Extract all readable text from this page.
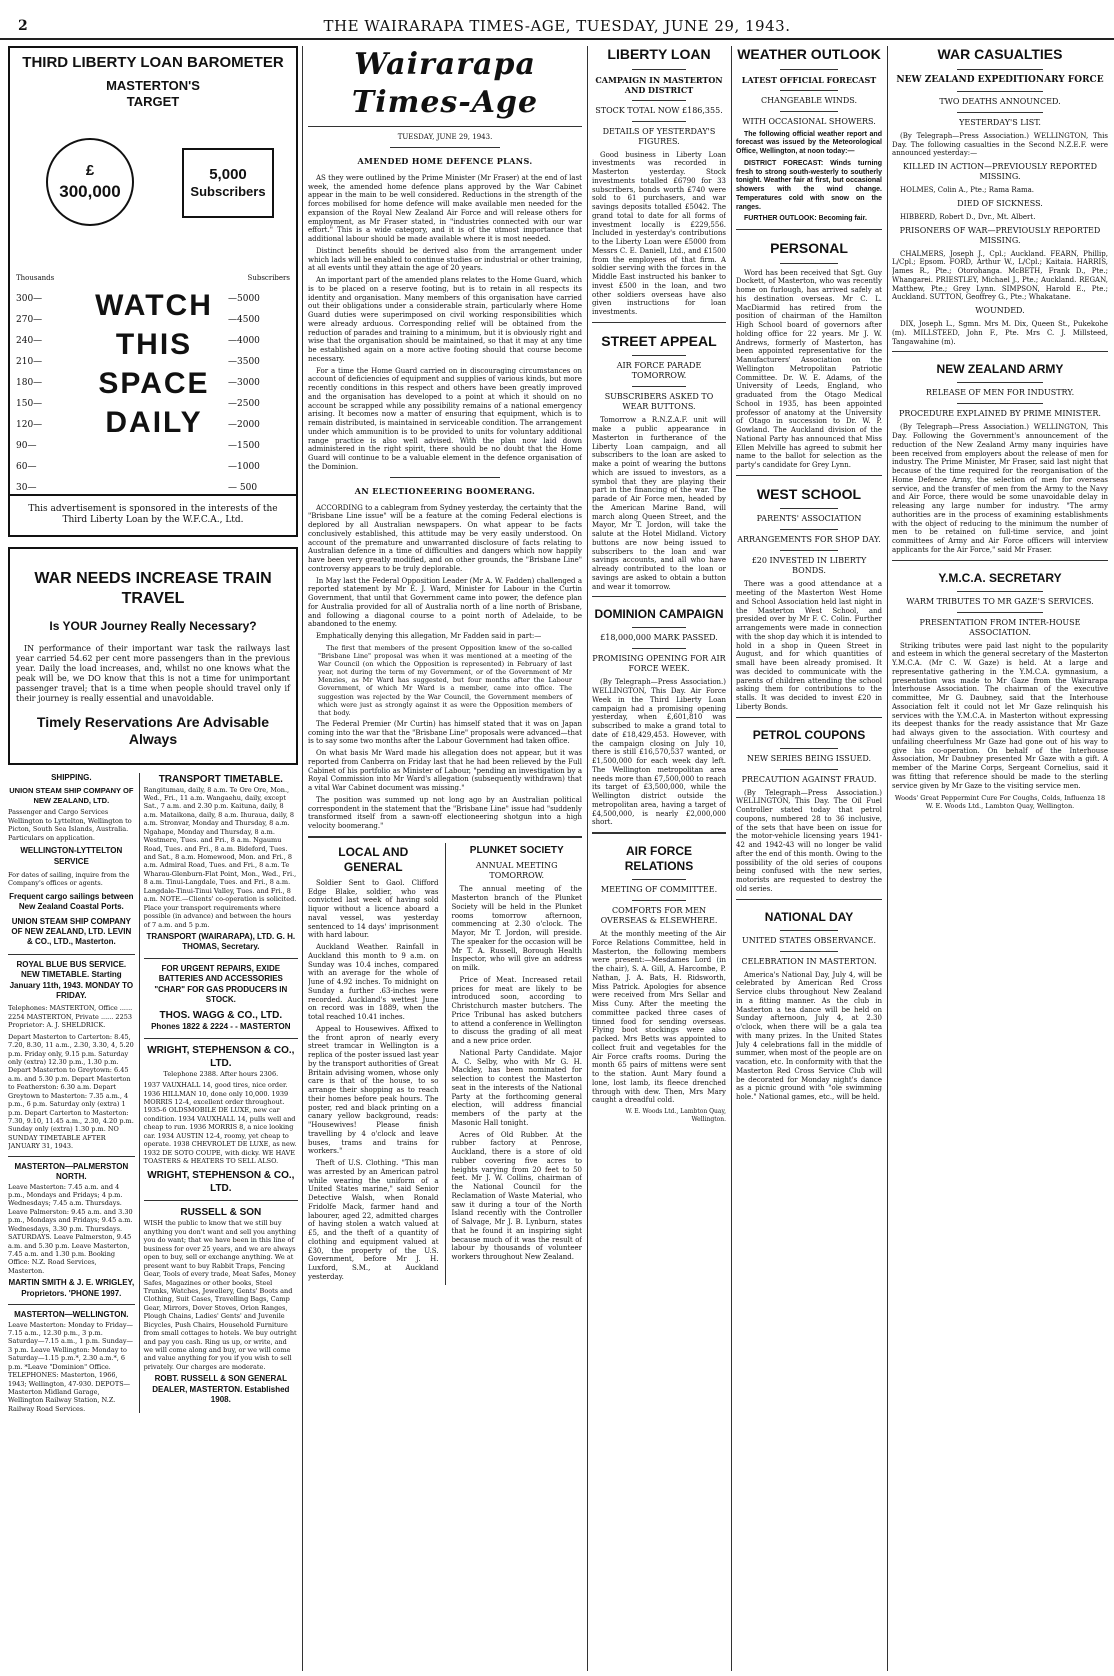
2	THE WAIRARAPA TIMES-AGE, TUESDAY, JUNE 29, 1943.
THIRD LIBERTY LOAN BAROMETER
MASTERTON'S
TARGET
£
300,000
5,000
Subscribers
Thousands	Subscribers
300—
270—
240—
210—
180—
150—
120—
90—
60—
30—
—5000
—4500
—4000
—3500
—3000
—2500
—2000
—1500
—1000
— 500
WATCH
THIS
SPACE
DAILY
This advertisement is sponsored in the interests of the Third Liberty Loan by the W.F.C.A., Ltd.
WAR NEEDS INCREASE TRAIN TRAVEL
Is YOUR Journey Really Necessary?

IN performance of their important war task the railways last year carried 54.62 per cent more passengers than in the previous year. Daily the load increases, and, whilst no one knows what the peak will be, we DO know that this is not a time for unimportant passenger travel; that is a time when people should travel only if their journey is really essential and unavoidable.

Timely Reservations Are Advisable Always
SHIPPING.
UNION STEAM SHIP COMPANY OF NEW ZEALAND, LTD.
Passenger and Cargo Services Wellington to Lyttelton, Wellington to Picton, South Sea Islands, Australia. Particulars on application.
WELLINGTON-LYTTELTON SERVICE
For dates of sailing, inquire from the Company's offices or agents.
Frequent cargo sailings between New Zealand Coastal Ports.
UNION STEAM SHIP COMPANY OF NEW ZEALAND, LTD. LEVIN & CO., LTD., Masterton.
ROYAL BLUE BUS SERVICE. NEW TIMETABLE. Starting January 11th, 1943. MONDAY TO FRIDAY.
Telephones: MASTERTON, Office ...... 2254 MASTERTON, Private ...... 2253 Proprietor: A. J. SHELDRICK.
Depart Masterton to Carterton: 8.45, 7.20, 8.30, 11 a.m., 2.30, 3.30, 4, 5.20 p.m. Friday only, 9.15 p.m. Saturday only (extra) 12.30 p.m., 1.30 p.m. Depart Masterton to Greytown: 6.45 a.m. and 5.30 p.m. Depart Masterton to Featherston: 6.30 a.m. Depart Greytown to Masterton: 7.35 a.m., 4 p.m., 6 p.m. Saturday only (extra) 1 p.m. Depart Carterton to Masterton: 7.30, 9.10, 11.45 a.m., 2.30, 4.20 p.m. Sunday only (extra) 1.30 p.m. NO SUNDAY TIMETABLE AFTER JANUARY 31, 1943.
MASTERTON—PALMERSTON NORTH.
Leave Masterton: 7.45 a.m. and 4 p.m., Mondays and Fridays; 4 p.m. Wednesdays; 7.45 a.m. Thursdays. Leave Palmerston: 9.45 a.m. and 3.30 p.m., Mondays and Fridays; 9.45 a.m. Wednesdays, 3.30 p.m. Thursdays. SATURDAYS. Leave Palmerston, 9.45 a.m. and 5.30 p.m. Leave Masterton, 7.45 a.m. and 1.30 p.m. Booking Office: N.Z. Road Services, Masterton.
MARTIN SMITH & J. E. WRIGLEY, Proprietors. 'PHONE 1997.
MASTERTON—WELLINGTON.
Leave Masterton: Monday to Friday—7.15 a.m., 12.30 p.m., 3 p.m. Saturday—7.15 a.m., 1 p.m. Sunday—3 p.m. Leave Wellington: Monday to Saturday—1.15 p.m.*, 2.30 a.m.*, 6 p.m. *Leave "Dominion" Office. TELEPHONES: Masterton, 1966, 1943; Wellington, 47-930. DEPOTS—Masterton Midland Garage, Wellington Railway Station, N.Z. Railway Road Services.
TRANSPORT TIMETABLE.
Rangitumau, daily, 8 a.m. Te Ore Ore, Mon., Wed., Fri., 11 a.m. Wangaehu, daily, except Sat., 7 a.m. and 2.30 p.m. Kaituna, daily, 8 a.m. Mataikona, daily, 8 a.m. Ihuraua, daily, 8 a.m. Stronvar, Monday and Thursday, 8 a.m. Ngahape, Monday and Thursday, 8 a.m. Westmere, Tues. and Fri., 8 a.m. Ngaumu Road, Tues. and Fri., 8 a.m. Bideford, Tues. and Sat., 8 a.m. Homewood, Mon. and Fri., 8 a.m. Admiral Road, Tues. and Fri., 8 a.m. Te Wharau-Glenburn-Flat Point, Mon., Wed., Fri., 8 a.m. Tinui-Langdale, Tues. and Fri., 8 a.m. Langdale-Tinui-Tinui Valley, Tues. and Fri., 8 a.m. NOTE.—Clients' co-operation is solicited. Place your transport requirements where possible (in advance) and between the hours of 7 a.m. and 5 p.m.
TRANSPORT (WAIRARAPA), LTD. G. H. THOMAS, Secretary.
FOR URGENT REPAIRS, EXIDE BATTERIES AND ACCESSORIES "CHAR" FOR GAS PRODUCERS IN STOCK.
THOS. WAGG & CO., LTD.
Phones 1822 & 2224 - - MASTERTON
WRIGHT, STEPHENSON & CO., LTD.
Telephone 2388. After hours 2306.
1937 VAUXHALL 14, good tires, nice order. 1936 HILLMAN 10, done only 10,000. 1939 MORRIS 12-4, excellent order throughout. 1935-6 OLDSMOBILE DE LUXE, new car condition. 1934 VAUXHALL 14, pulls well and cheap to run. 1936 MORRIS 8, a nice looking car. 1934 AUSTIN 12-4, roomy, yet cheap to operate. 1938 CHEVROLET DE LUXE, as new. 1932 DE SOTO COUPE, with dicky. WE HAVE TOASTERS & HEATERS TO SELL ALSO.
WRIGHT, STEPHENSON & CO., LTD.
RUSSELL & SON
WISH the public to know that we still buy anything you don't want and sell you anything you do want; that we have been in this line of business for over 25 years, and we are always open to buy, sell or exchange anything. We at present want to buy Rabbit Traps, Fencing Gear, Tools of every trade, Meat Safes, Money Safes, Magazines or other books, Steel Trunks, Watches, Jewellery, Gents' Boots and Clothing, Suit Cases, Travelling Bags, Camp Gear, Mirrors, Dover Stoves, Orion Ranges, Plough Chains, Ladies' Gents' and Juvenile Bicycles, Push Chairs, Household Furniture from small cottages to hotels. We buy outright and pay you cash. Ring us up, or write, and we will come along and buy, or we will come and value anything for you if you wish to sell privately. Our charges are moderate.
ROBT. RUSSELL & SON GENERAL DEALER, MASTERTON. Established 1908.
Wairarapa Times-Age
TUESDAY, JUNE 29, 1943.
AMENDED HOME DEFENCE PLANS.

AS they were outlined by the Prime Minister (Mr Fraser) at the end of last week, the amended home defence plans approved by the War Cabinet appear in the main to be well considered. Reductions in the strength of the forces mobilised for home defence will make available men needed for the expansion of the Royal New Zealand Air Force and will release others for employment, as Mr Fraser stated, in "industries connected with our war effort." This is a wide category, and it is of the utmost importance that additional labour should be made available where it is most needed.

Distinct benefits should be derived also from the arrangement under which lads will be enabled to continue studies or industrial or other training, at all events until they attain the age of 20 years.

An important part of the amended plans relates to the Home Guard, which is to be placed on a reserve footing, but is to retain in all respects its identity and organisation. Many members of this organisation have carried out their obligations under a considerable strain, particularly where Home Guard duties were superimposed on civil working responsibilities which were already arduous. Corresponding relief will be obtained from the reduction of parades and training to a minimum, but it is obviously right and wise that the organisation should be maintained, so that it may at any time be established again on a more active footing should that course become necessary.

For a time the Home Guard carried on in discouraging circumstances on account of deficiencies of equipment and supplies of various kinds, but more recently conditions in this respect and others have been greatly improved and the organisation has developed to a point at which it should on no account be scrapped while any possibility remains of a national emergency arising. It becomes now a matter of ensuring that equipment, which is to remain distributed, is maintained in serviceable condition. The arrangement under which ammunition is to be provided to units for voluntary additional range practice is also well advised. With the plan now laid down administered in the right spirit, there should be no doubt that the Home Guard will continue to be a valuable element in the defence organisation of the Dominion.

AN ELECTIONEERING BOOMERANG.

ACCORDING to a cablegram from Sydney yesterday, the certainty that the "Brisbane Line issue" will be a feature at the coming Federal elections is deplored by all Australian newspapers. On what appear to be facts conclusively established, this attitude may be very easily understood. On account of the premature and unwarranted disclosure of facts relating to Australian defence in a time of difficulties and dangers which now happily have been very greatly modified, and on other grounds, the "Brisbane Line" controversy appears to be truly deplorable.

In May last the Federal Opposition Leader (Mr A. W. Fadden) challenged a reported statement by Mr E. J. Ward, Minister for Labour in the Curtin Government, that until that Government came into power, the defence plan for Australia provided for all of Australia north of a line north of Brisbane, and following a diagonal course to a point north of Adelaide, to be abandoned to the enemy.

Emphatically denying this allegation, Mr Fadden said in part:—

The first that members of the present Opposition knew of the so-called "Brisbane Line" proposal was when it was mentioned at a meeting of the War Council (on which the Opposition is represented) in February of last year, not during the term of my Government, or of the Government of Mr Menzies, as Mr Ward has suggested, but four months after the Labour Government, of which Mr Ward is a member, came into office. The suggestion was rejected by the War Council, the Government members of which were just as strongly against it as were the Opposition members of that body.

The Federal Premier (Mr Curtin) has himself stated that it was on Japan coming into the war that the "Brisbane Line" proposals were advanced—that is to say some two months after the Labour Government had taken office.

On what basis Mr Ward made his allegation does not appear, but it was reported from Canberra on Friday last that he had been relieved by the Full Cabinet of his portfolio as Minister of Labour, "pending an investigation by a Royal Commission into Mr Ward's allegation (subsequently withdrawn) that a vital War Cabinet document was missing."

The position was summed up not long ago by an Australian political correspondent in the statement that the "Brisbane Line" issue had "suddenly transformed itself from a sawn-off electioneering shotgun into a high velocity boomerang."

LOCAL AND GENERAL

Soldier Sent to Gaol. Clifford Edge Blake, soldier, who was convicted last week of having sold liquor without a licence aboard a naval vessel, was yesterday sentenced to 14 days' imprisonment with hard labour.

Auckland Weather. Rainfall in Auckland this month to 9 a.m. on Sunday was 10.4 inches, compared with an average for the whole of June of 4.92 inches. To midnight on Sunday a further .63-inches were recorded. Auckland's wettest June on record was in 1889, when the total reached 10.41 inches.

Appeal to Housewives. Affixed to the front apron of nearly every street tramcar in Wellington is a replica of the poster issued last year by the transport authorities of Great Britain advising women, whose only care is that of the house, to so arrange their shopping as to reach their homes before peak hours. The poster, red and black printing on a canary yellow background, reads: "Housewives! Please finish travelling by 4 o'clock and leave buses, trams and trains for workers."

Theft of U.S. Clothing. "This man was arrested by an American patrol while wearing the uniform of a United States marine," said Senior Detective Walsh, when Ronald Fridolfe Mack, farmer hand and labourer, aged 22, admitted charges of having stolen a watch valued at £5, and the theft of a quantity of clothing and equipment valued at £30, the property of the U.S. Government, before Mr J. H. Luxford, S.M., at Auckland yesterday.

PLUNKET SOCIETY
ANNUAL MEETING TOMORROW.

The annual meeting of the Masterton branch of the Plunket Society will be held in the Plunket rooms tomorrow afternoon, commencing at 2.30 o'clock. The Mayor, Mr T. Jordon, will preside. The speaker for the occasion will be Mr T. A. Russell, Borough Health Inspector, who will give an address on milk.

Price of Meat. Increased retail prices for meat are likely to be introduced soon, according to Christchurch master butchers. The Price Tribunal has asked butchers to attend a conference in Wellington to discuss the grading of all meat and a new price order.

National Party Candidate. Major A. C. Selby, who with Mr G. H. Mackley, has been nominated for selection to contest the Masterton seat in the interests of the National Party at the forthcoming general election, will address financial members of the party at the Masonic Hall tonight.

Acres of Old Rubber. At the rubber factory at Penrose, Auckland, there is a store of old rubber covering five acres to heights varying from 20 feet to 50 feet. Mr J. W. Collins, chairman of the National Council for the Reclamation of Waste Material, who saw it during a tour of the North Island recently with the Controller of Salvage, Mr J. B. Lynburn, states that he found it an inspiring sight because much of it was the result of labour by thousands of volunteer workers throughout New Zealand.

LIBERTY LOAN
CAMPAIGN IN MASTERTON AND DISTRICT
STOCK TOTAL NOW £186,355.
DETAILS OF YESTERDAY'S FIGURES.

Good business in Liberty Loan investments was recorded in Masterton yesterday. Stock investments totalled £6790 for 33 subscribers, bonds worth £740 were sold to 61 purchasers, and war savings deposits totalled £5042. The grand total to date for all forms of investment locally is £229,556. Included in yesterday's contributions to the Liberty Loan were £5000 from Messrs C. E. Daniell, Ltd., and £1500 from the employees of that firm. A soldier serving with the forces in the Middle East instructed his banker to invest £500 in the loan, and two other soldiers overseas have also given instructions for loan investments.

STREET APPEAL
AIR FORCE PARADE TOMORROW.
SUBSCRIBERS ASKED TO WEAR BUTTONS.

Tomorrow a R.N.Z.A.F. unit will make a public appearance in Masterton in furtherance of the Liberty Loan campaign, and all subscribers to the loan are asked to make a point of wearing the buttons which are issued to investors, as a symbol that they are playing their part in the financing of the war. The parade of Air Force men, headed by the American Marine Band, will march along Queen Street, and the Mayor, Mr T. Jordon, will take the salute at the Hotel Midland. Victory buttons are now being issued to subscribers to the loan and war savings accounts, and all who have already contributed to the loan or savings are asked to obtain a button and wear it tomorrow.

DOMINION CAMPAIGN
£18,000,000 MARK PASSED.
PROMISING OPENING FOR AIR FORCE WEEK.

(By Telegraph—Press Association.) WELLINGTON, This Day. Air Force Week in the Third Liberty Loan campaign had a promising opening yesterday, when £,601,810 was subscribed to make a grand total to date of £18,429,453. However, with the campaign closing on July 10, there is still £16,570,537 wanted, or £1,500,000 for each week day left. The Wellington metropolitan area needs more than £7,500,000 to reach its target of £3,500,000, while the Wellington district outside the metropolitan area, having a target of £4,500,000, is nearly £2,000,000 short.

AIR FORCE RELATIONS
MEETING OF COMMITTEE.
COMFORTS FOR MEN OVERSEAS & ELSEWHERE.

At the monthly meeting of the Air Force Relations Committee, held in Masterton, the following members were present:—Mesdames Lord (in the chair), S. A. Gill, A. Harcombe, P. Nathan, J. A. Bats, H. Ridsworth, Miss Patrick. Apologies for absence were received from Mrs Sellar and Miss Cuny. After the meeting the committee packed three cases of tinned food for sending overseas. Flying boot stockings were also packed. Mrs Betts was appointed to collect fruit and vegetables for the Air Force crafts rooms. During the month 65 pairs of mittens were sent to the station. Aunt Mary found a lone, lost lamb, its fleece drenched through with dew. Then, Mrs Mary caught a dreadful cold.

W. E. Woods Ltd., Lambton Quay, Wellington.
WEATHER OUTLOOK
LATEST OFFICIAL FORECAST
CHANGEABLE WINDS.
WITH OCCASIONAL SHOWERS.

The following official weather report and forecast was issued by the Meteorological Office, Wellington, at noon today:—

DISTRICT FORECAST: Winds turning fresh to strong south-westerly to southerly tonight. Weather fair at first, but occasional showers with the wind change. Temperatures cold with snow on the ranges.

FURTHER OUTLOOK: Becoming fair.

PERSONAL

Word has been received that Sgt. Guy Dockett, of Masterton, who was recently home on furlough, has arrived safely at his destination overseas. Mr C. L. MacDiarmid has retired from the position of chairman of the Hamilton High School board of governors after holding office for 22 years. Mr J. W. Andrews, formerly of Masterton, has been appointed representative for the Manufacturers' Association on the Wellington Metropolitan Patriotic Committee. Dr. W. E. Adams, of the University of Leeds, England, who graduated from the Otago Medical School in 1935, has been appointed professor of anatomy at the University of Otago in succession to Dr. W. P. Gowland. The Auckland division of the National Party has announced that Miss Ellen Melville has agreed to submit her name to the ballot for selection as the party's candidate for Grey Lynn.

WEST SCHOOL
PARENTS' ASSOCIATION
ARRANGEMENTS FOR SHOP DAY.
£20 INVESTED IN LIBERTY BONDS.

There was a good attendance at a meeting of the Masterton West Home and School Association held last night in the Masterton West School, and presided over by Mr F. C. Colin. Further arrangements were made in connection with the shop day which it is intended to hold in a shop in Queen Street in August, and for which quantities of small have been already promised. It was decided to communicate with the parents of children attending the school asking them for contributions to the stalls. It was decided to invest £20 in Liberty Bonds.

PETROL COUPONS
NEW SERIES BEING ISSUED.
PRECAUTION AGAINST FRAUD.

(By Telegraph—Press Association.) WELLINGTON, This Day. The Oil Fuel Controller stated today that petrol coupons, numbered 28 to 36 inclusive, of the sets that have been on issue for the motor-vehicle licensing years 1941-42 and 1942-43 will no longer be valid after the end of this month. Owing to the possibility of the old series of coupons being confused with the new series, motorists are requested to destroy the old series.

NATIONAL DAY
UNITED STATES OBSERVANCE.
CELEBRATION IN MASTERTON.

America's National Day, July 4, will be celebrated by American Red Cross Service clubs throughout New Zealand in a fitting manner. As the club in Masterton a tea dance will be held on Sunday afternoon, July 4, at 2.30 o'clock, when there will be a gala tea with many prizes. In the United States July 4 celebrations fall in the middle of summer, when most of the people are on vacation, etc. In conformity with that the Masterton Red Cross Service Club will be decorated for Monday night's dance as a picnic ground with "ole swimming hole." National games, etc., will be held.

WAR CASUALTIES
NEW ZEALAND EXPEDITIONARY FORCE
TWO DEATHS ANNOUNCED.
YESTERDAY'S LIST.

(By Telegraph—Press Association.) WELLINGTON, This Day. The following casualties in the Second N.Z.E.F. were announced yesterday:—

KILLED IN ACTION—PREVIOUSLY REPORTED MISSING.

HOLMES, Colin A., Pte.; Rama Rama.

DIED OF SICKNESS.

HIBBERD, Robert D., Dvr., Mt. Albert.

PRISONERS OF WAR—PREVIOUSLY REPORTED MISSING.

CHALMERS, Joseph J., Cpl.; Auckland. FEARN, Phillip, L/Cpl.; Epsom. FORD, Arthur W., L/Cpl.; Kaitaia. HARRIS, James R., Pte.; Otorohanga. McBETH, Frank D., Pte.; Whangarei. PRIESTLEY, Michael J., Pte.; Auckland. REGAN, Matthew, Pte.; Grey Lynn. SIMPSON, Harold E., Pte.; Auckland. SUTTON, Geoffrey G., Pte.; Whakatane.

WOUNDED.

DIX, Joseph L., Sgmn. Mrs M. Dix, Queen St., Pukekohe (m). MILLSTEED, John F., Pte. Mrs C. J. Millsteed, Tangawahine (m).

NEW ZEALAND ARMY
RELEASE OF MEN FOR INDUSTRY.
PROCEDURE EXPLAINED BY PRIME MINISTER.

(By Telegraph—Press Association.) WELLINGTON, This Day. Following the Government's announcement of the reduction of the New Zealand Army many inquiries have been received from employers about the release of men for industry. The Prime Minister, Mr Fraser, said last night that because of the time required for the reorganisation of the Home Defence Army, the selection of men for overseas service, and the transfer of men from the Army to the Navy and Air Force, there would be some unavoidable delay in releasing any large number for industry. "The army authorities are in the process of examining establishments with the object of reducing to the minimum the number of men to be retained on full-time service, and joint committees of Army and Air Force officers will interview applicants for the Air Force," said Mr Fraser.

Y.M.C.A. SECRETARY
WARM TRIBUTES TO MR GAZE'S SERVICES.
PRESENTATION FROM INTER-HOUSE ASSOCIATION.

Striking tributes were paid last night to the popularity and esteem in which the general secretary of the Masterton Y.M.C.A. (Mr C. W. Gaze) is held. At a large and representative gathering in the Y.M.C.A. gymnasium, a presentation was made to Mr Gaze from the Wairarapa Interhouse Association. The chairman of the executive committee, Mr G. Daubney, said that the Interhouse Association felt it could not let Mr Gaze relinquish his services with the Y.M.C.A. in Masterton without expressing its deepest thanks for the ready assistance that Mr Gaze had always given to the association. With courtesy and unfailing cheerfulness Mr Gaze had gone out of his way to give his co-operation. On behalf of the Interhouse Association, Mr Daubney presented Mr Gaze with a gift. A member of the Marine Corps, Sergeant Cornelius, said it was fitting that reference should be made to the sterling service given by Mr Gaze to the visiting service men.

Woods' Great Peppermint Cure For Coughs, Colds, Influenza 18 W. E. Woods Ltd., Lambton Quay, Wellington.
